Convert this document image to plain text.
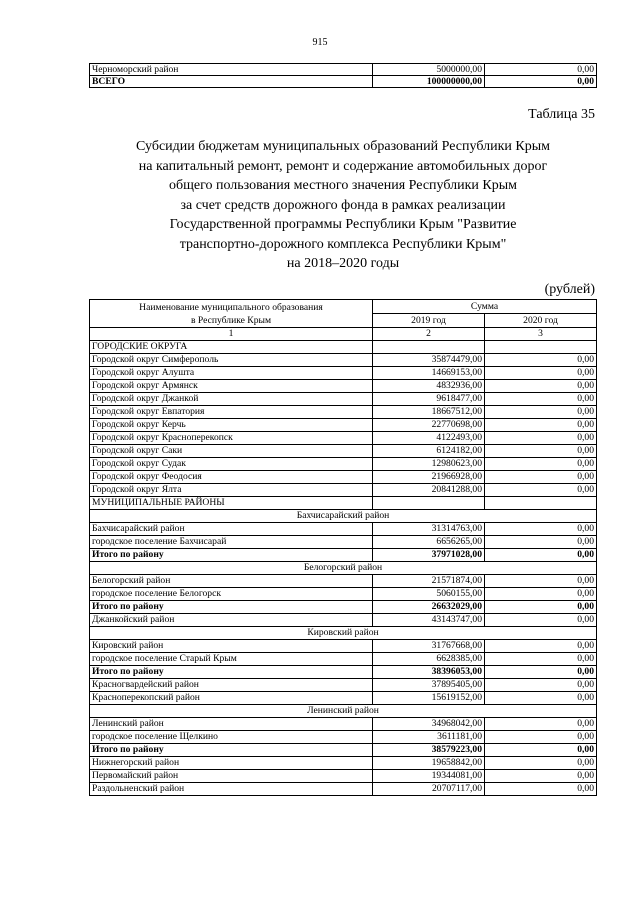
915
Черноморский район	5000000,00	0,00
ВСЕГО	100000000,00	0,00
Таблица 35
Субсидии бюджетам муниципальных образований Республики Крым
на капитальный ремонт, ремонт и содержание автомобильных дорог
общего пользования местного значения Республики Крым
за счет средств дорожного фонда в рамках реализации
Государственной программы Республики Крым "Развитие
транспортно-дорожного комплекса Республики Крым"
на 2018–2020 годы
(рублей)
Наименование муниципального образования
в Республике Крым	Сумма	
	2019 год	2020 год
1	2	3
ГОРОДСКИЕ ОКРУГА		
Городской округ Симферополь	35874479,00	0,00
Городской округ Алушта	14669153,00	0,00
Городской округ Армянск	4832936,00	0,00
Городской округ Джанкой	9618477,00	0,00
Городской округ Евпатория	18667512,00	0,00
Городской округ Керчь	22770698,00	0,00
Городской округ Красноперекопск	4122493,00	0,00
Городской округ Саки	6124182,00	0,00
Городской округ Судак	12980623,00	0,00
Городской округ Феодосия	21966928,00	0,00
Городской округ Ялта	20841288,00	0,00
МУНИЦИПАЛЬНЫЕ РАЙОНЫ		
Бахчисарайский район		
Бахчисарайский район	31314763,00	0,00
городское поселение Бахчисарай	6656265,00	0,00
Итого по району	37971028,00	0,00
Белогорский район		
Белогорский район	21571874,00	0,00
городское поселение Белогорск	5060155,00	0,00
Итого по району	26632029,00	0,00
Джанкойский район	43143747,00	0,00
Кировский район		
Кировский район	31767668,00	0,00
городское поселение Старый Крым	6628385,00	0,00
Итого по району	38396053,00	0,00
Красногвардейский район	37895405,00	0,00
Красноперекопский район	15619152,00	0,00
Ленинский район		
Ленинский район	34968042,00	0,00
городское поселение Щелкино	3611181,00	0,00
Итого по району	38579223,00	0,00
Нижнегорский район	19658842,00	0,00
Первомайский район	19344081,00	0,00
Раздольненский район	20707117,00	0,00
